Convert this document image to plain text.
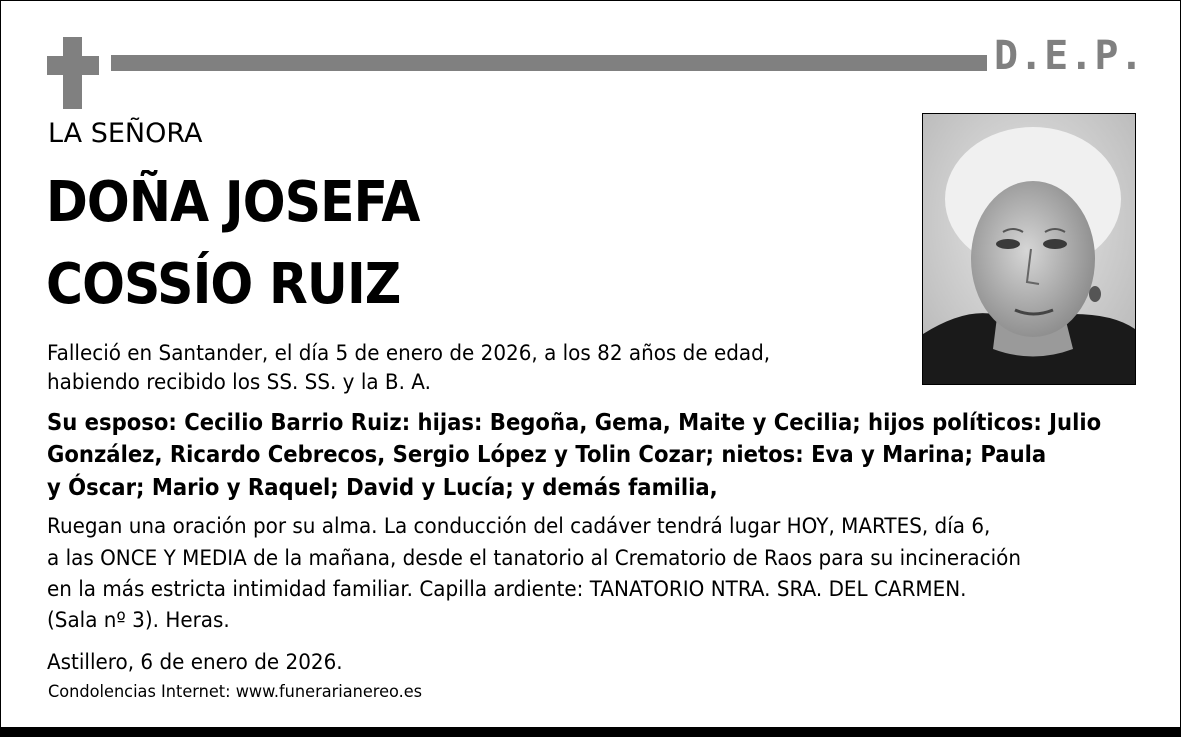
D.E.P.
LA SEÑORA
DOÑA JOSEFA
COSSÍO RUIZ
Falleció en Santander, el día 5 de enero de 2026, a los 82 años de edad,
habiendo recibido los SS. SS. y la B. A.
Su esposo: Cecilio Barrio Ruiz: hijas: Begoña, Gema, Maite y Cecilia; hijos políticos: Julio
González, Ricardo Cebrecos, Sergio López y Tolin Cozar; nietos: Eva y Marina; Paula
y Óscar; Mario y Raquel; David y Lucía; y demás familia,
Ruegan una oración por su alma. La conducción del cadáver tendrá lugar HOY, MARTES, día 6,
a las ONCE Y MEDIA de la mañana, desde el tanatorio al Crematorio de Raos para su incineración
en la más estricta intimidad familiar. Capilla ardiente: TANATORIO NTRA. SRA. DEL CARMEN.
(Sala nº 3). Heras.
Astillero, 6 de enero de 2026.
Condolencias Internet: www.funerarianereo.es
